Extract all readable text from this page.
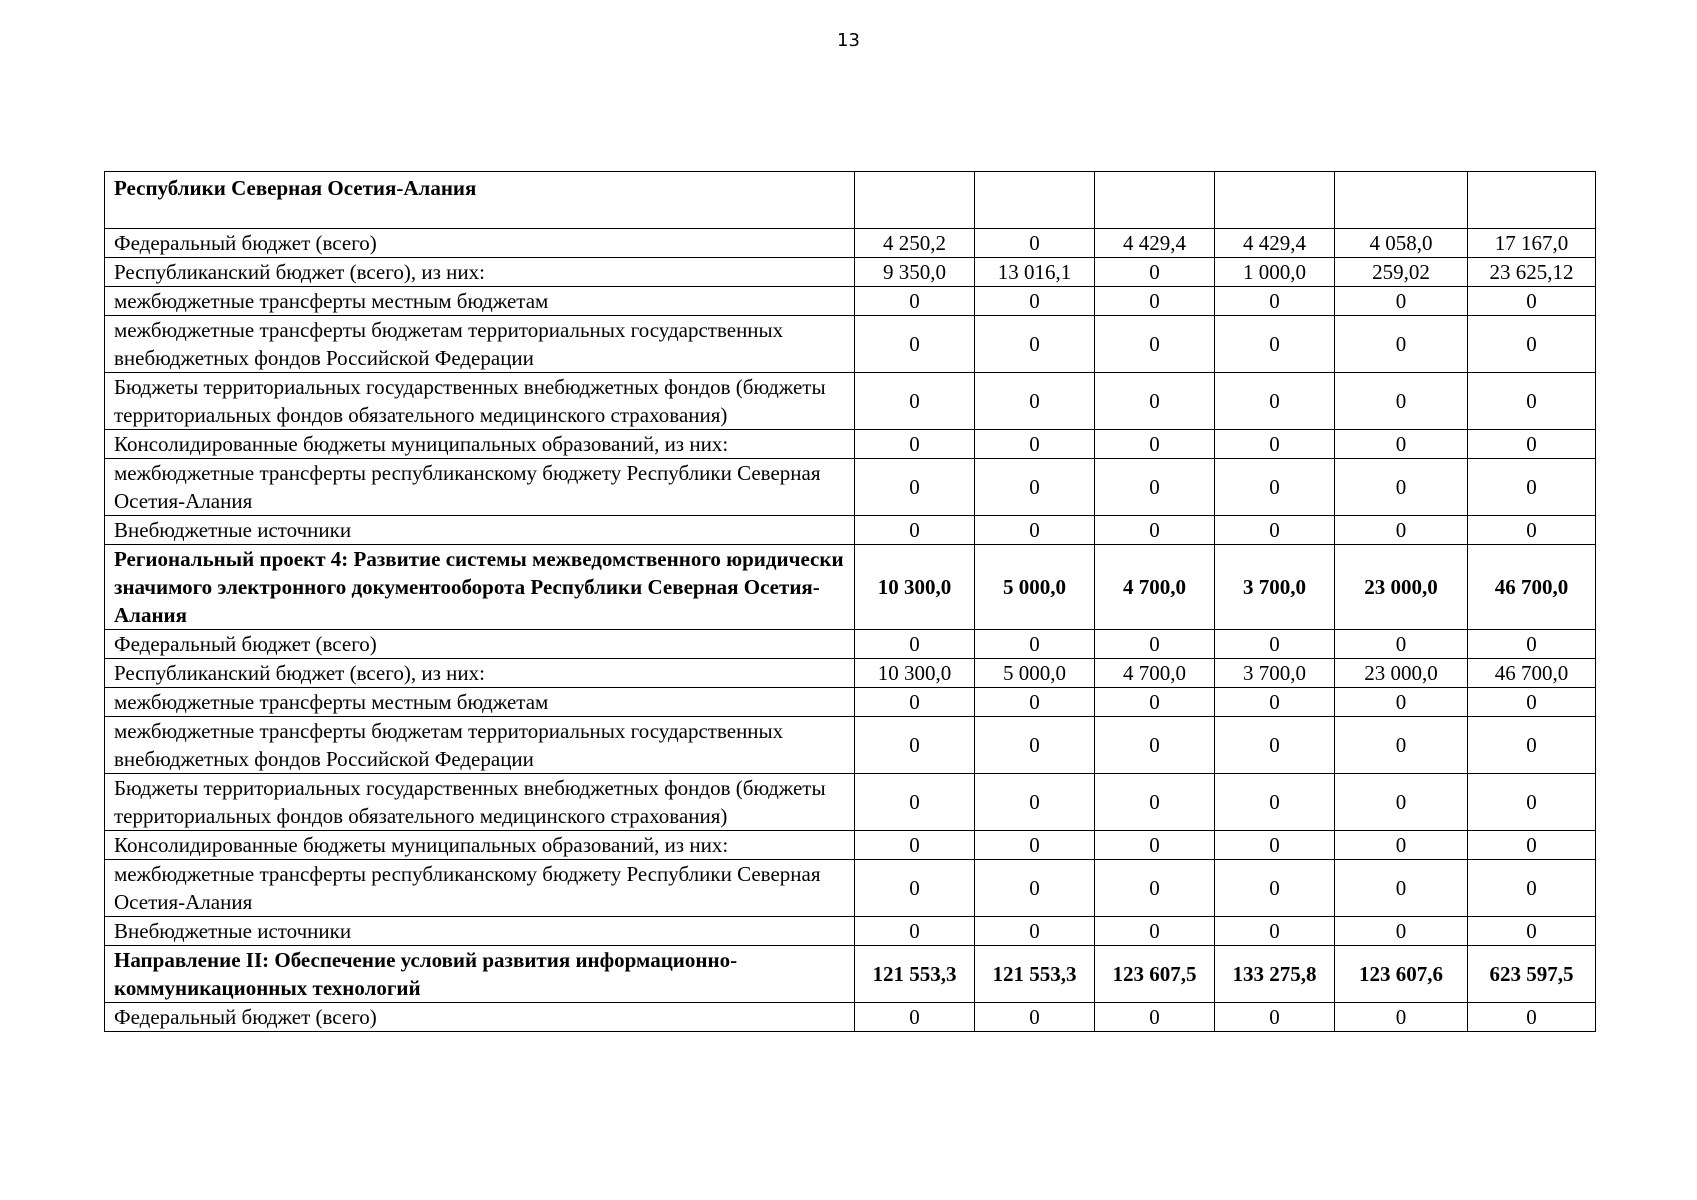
13
Республики Северная Осетия-Алания						
Федеральный бюджет (всего)	4 250,2	0	4 429,4	4 429,4	4 058,0	17 167,0
Республиканский бюджет (всего), из них:	9 350,0	13 016,1	0	1 000,0	259,02	23 625,12
межбюджетные трансферты местным бюджетам	0	0	0	0	0	0
межбюджетные трансферты бюджетам территориальных государственных внебюджетных фондов Российской Федерации	0	0	0	0	0	0
Бюджеты территориальных государственных внебюджетных фондов (бюджеты территориальных фондов обязательного медицинского страхования)	0	0	0	0	0	0
Консолидированные бюджеты муниципальных образований, из них:	0	0	0	0	0	0
межбюджетные трансферты республиканскому бюджету Республики Северная Осетия-Алания	0	0	0	0	0	0
Внебюджетные источники	0	0	0	0	0	0
Региональный проект 4: Развитие системы межведомственного юридически значимого электронного документооборота Республики Северная Осетия-Алания	10 300,0	5 000,0	4 700,0	3 700,0	23 000,0	46 700,0
Федеральный бюджет (всего)	0	0	0	0	0	0
Республиканский бюджет (всего), из них:	10 300,0	5 000,0	4 700,0	3 700,0	23 000,0	46 700,0
межбюджетные трансферты местным бюджетам	0	0	0	0	0	0
межбюджетные трансферты бюджетам территориальных государственных внебюджетных фондов Российской Федерации	0	0	0	0	0	0
Бюджеты территориальных государственных внебюджетных фондов (бюджеты территориальных фондов обязательного медицинского страхования)	0	0	0	0	0	0
Консолидированные бюджеты муниципальных образований, из них:	0	0	0	0	0	0
межбюджетные трансферты республиканскому бюджету Республики Северная Осетия-Алания	0	0	0	0	0	0
Внебюджетные источники	0	0	0	0	0	0
Направление II: Обеспечение условий развития информационно-коммуникационных технологий	121 553,3	121 553,3	123 607,5	133 275,8	123 607,6	623 597,5
Федеральный бюджет (всего)	0	0	0	0	0	0
